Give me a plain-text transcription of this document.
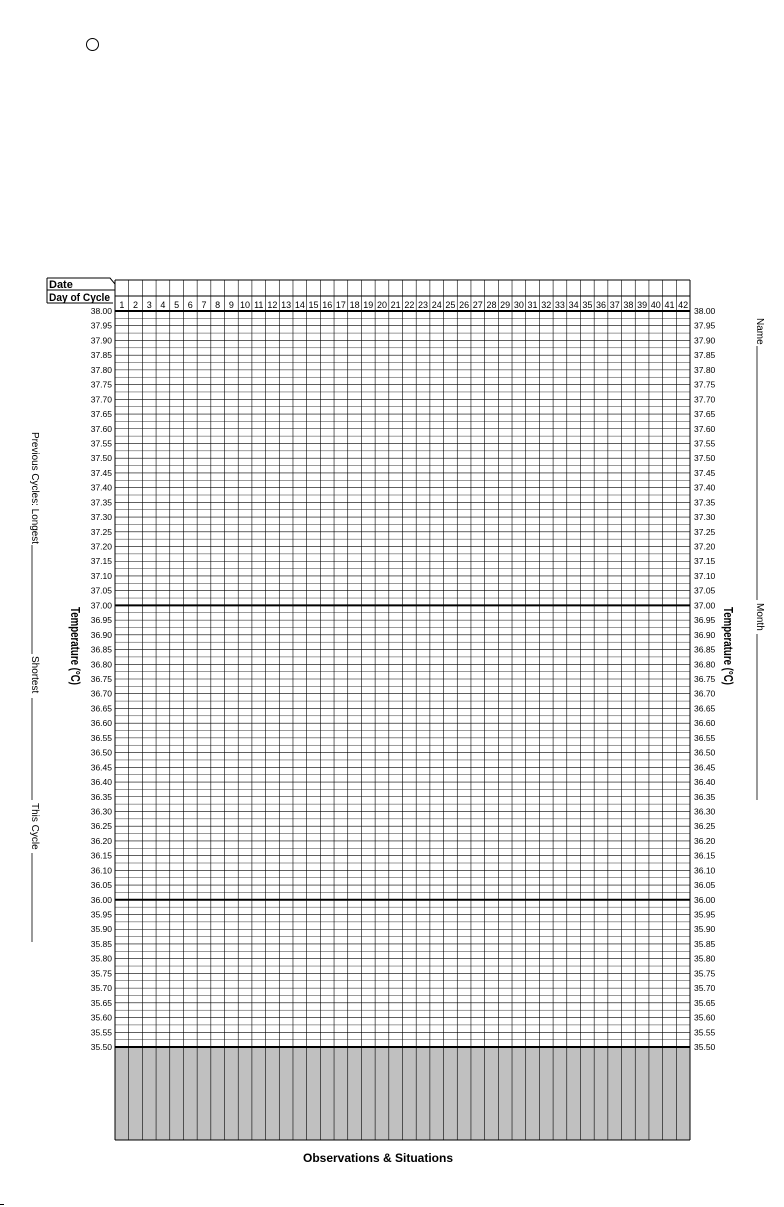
1 2 3 4 5 6 7 8 9 10 11 12 13 14 15 16 17 18 19 20 21 22 23 24 25 26 27 28 29 30 31 32 33 34 35 36 37 38 39 40 41 42
38.00	38.00
37.95	37.95
37.90	37.90
37.85	37.85
37.80	37.80
37.75	37.75
37.70	37.70
37.65	37.65
37.60	37.60
37.55	37.55
37.50	37.50
37.45	37.45
37.40	37.40
37.35	37.35
37.30	37.30
37.25	37.25
37.20	37.20
37.15	37.15
37.10	37.10
37.05	37.05
37.00	37.00
36.95	36.95
36.90	36.90
36.85	36.85
36.80	36.80
36.75	36.75
36.70	36.70
36.65	36.65
36.60	36.60
36.55	36.55
36.50	36.50
36.45	36.45
36.40	36.40
36.35	36.35
36.30	36.30
36.25	36.25
36.20	36.20
36.15	36.15
36.10	36.10
36.05	36.05
36.00	36.00
35.95	35.95
35.90	35.90
35.85	35.85
35.80	35.80
35.75	35.75
35.70	35.70
35.65	35.65
35.60	35.60
35.55	35.55
35.50	35.50
Date
Day of Cycle
Temperature (°C)	Temperature (°C)
Observations & Situations
Name
Month
Previous Cycles: Longest
Shortest
This Cycle
